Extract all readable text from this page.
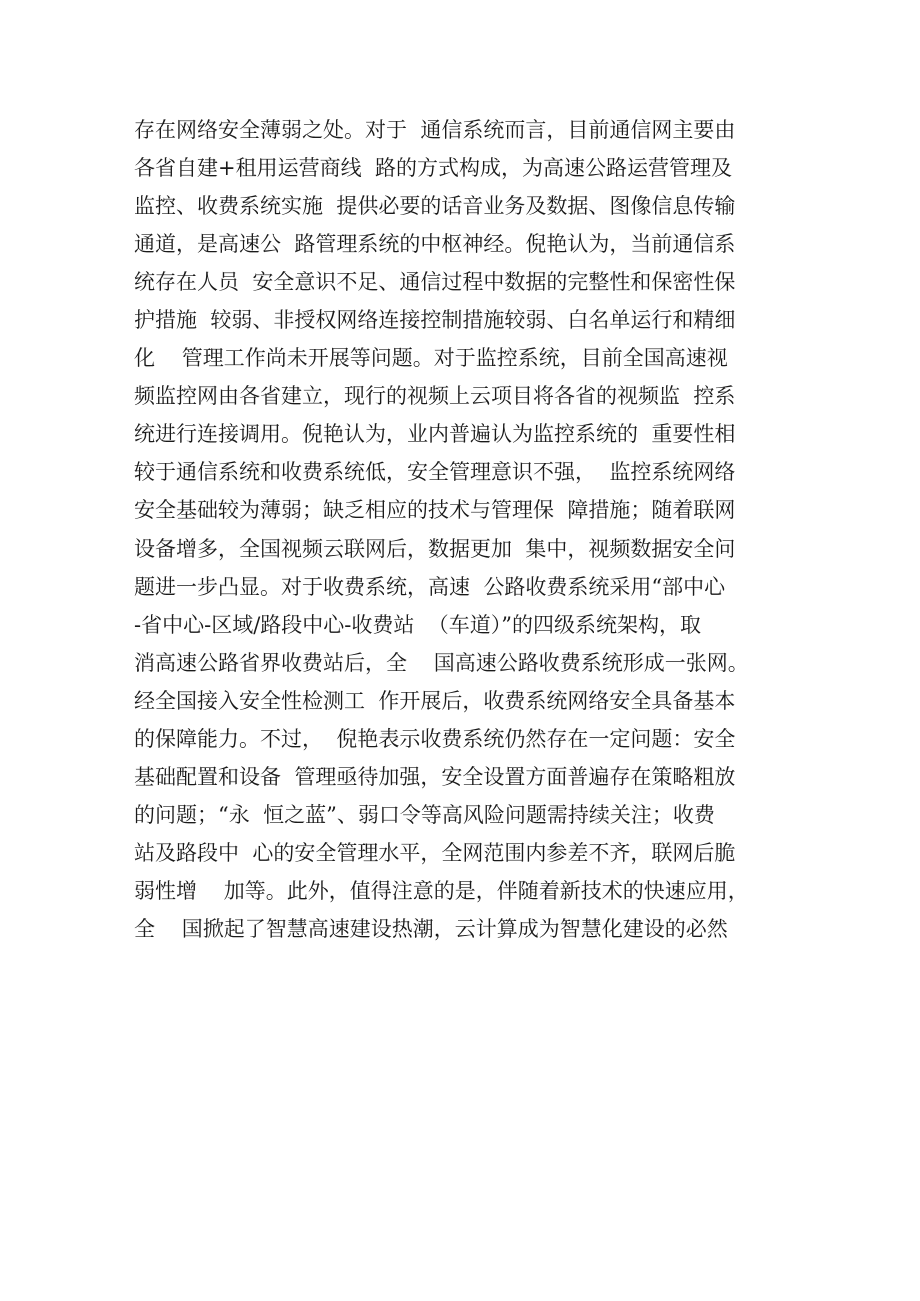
存在网络安全薄弱之处。对于  通信系统而言，目前通信网主要由
各省自建+租用运营商线  路的方式构成，为高速公路运营管理及
监控、收费系统实施  提供必要的话音业务及数据、图像信息传输
通道，是高速公  路管理系统的中枢神经。倪艳认为，当前通信系
统存在人员  安全意识不足、通信过程中数据的完整性和保密性保
护措施  较弱、非授权网络连接控制措施较弱、白名单运行和精细
化    管理工作尚未开展等问题。对于监控系统，目前全国高速视
频监控网由各省建立，现行的视频上云项目将各省的视频监  控系
统进行连接调用。倪艳认为，业内普遍认为监控系统的  重要性相
较于通信系统和收费系统低，安全管理意识不强，  监控系统网络
安全基础较为薄弱；缺乏相应的技术与管理保  障措施；随着联网
设备增多，全国视频云联网后，数据更加  集中，视频数据安全问
题进一步凸显。对于收费系统，高速  公路收费系统采用“部中心
-省中心-区域/路段中心-收费站  （车道）”的四级系统架构，取
消高速公路省界收费站后，全    国高速公路收费系统形成一张网。
经全国接入安全性检测工  作开展后，收费系统网络安全具备基本
的保障能力。不过，  倪艳表示收费系统仍然存在一定问题：安全
基础配置和设备  管理亟待加强，安全设置方面普遍存在策略粗放
的问题；“永  恒之蓝”、弱口令等高风险问题需持续关注；收费
站及路段中  心的安全管理水平，全网范围内参差不齐，联网后脆
弱性增    加等。此外，值得注意的是，伴随着新技术的快速应用，
全    国掀起了智慧高速建设热潮，云计算成为智慧化建设的必然
